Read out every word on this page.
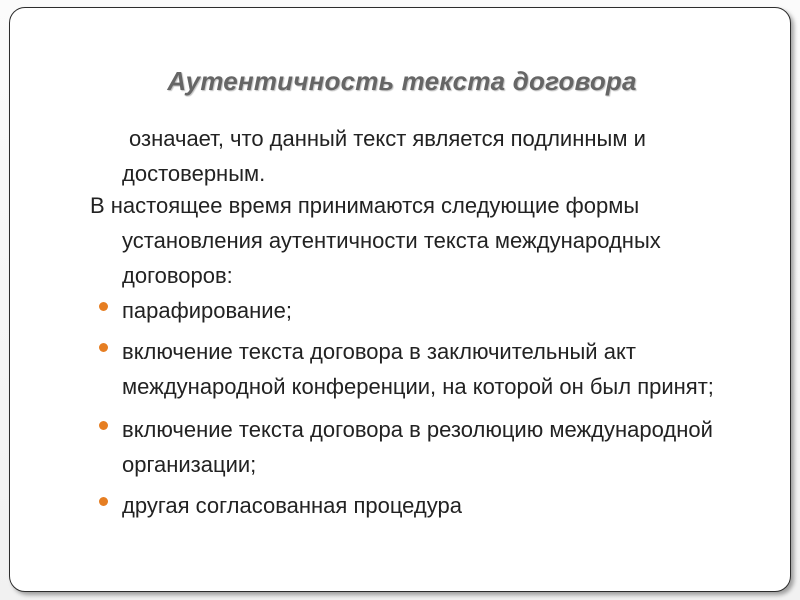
Аутентичность текста договора
означает, что данный текст является подлинным и достоверным.
В настоящее время принимаются следующие формы установления аутентичности текста международных договоров:
парафирование;
включение текста договора в заключительный акт международной конференции, на которой он был принят;
включение текста договора в резолюцию международной организации;
другая согласованная процедура
